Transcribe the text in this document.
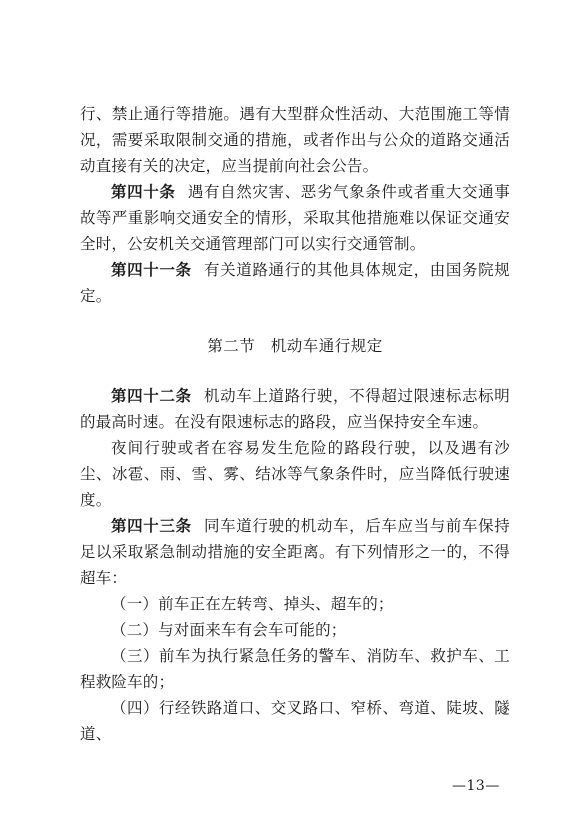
行、禁止通行等措施。遇有大型群众性活动、大范围施工等情况，需要采取限制交通的措施，或者作出与公众的道路交通活动直接有关的决定，应当提前向社会公告。

第四十条 遇有自然灾害、恶劣气象条件或者重大交通事故等严重影响交通安全的情形，采取其他措施难以保证交通安全时，公安机关交通管理部门可以实行交通管制。

第四十一条 有关道路通行的其他具体规定，由国务院规定。

第二节 机动车通行规定

第四十二条 机动车上道路行驶，不得超过限速标志标明的最高时速。在没有限速标志的路段，应当保持安全车速。

夜间行驶或者在容易发生危险的路段行驶，以及遇有沙尘、冰雹、雨、雪、雾、结冰等气象条件时，应当降低行驶速度。

第四十三条 同车道行驶的机动车，后车应当与前车保持足以采取紧急制动措施的安全距离。有下列情形之一的，不得超车：

（一）前车正在左转弯、掉头、超车的；

（二）与对面来车有会车可能的；

（三）前车为执行紧急任务的警车、消防车、救护车、工程救险车的；

（四）行经铁路道口、交叉路口、窄桥、弯道、陡坡、隧道、

—13—
